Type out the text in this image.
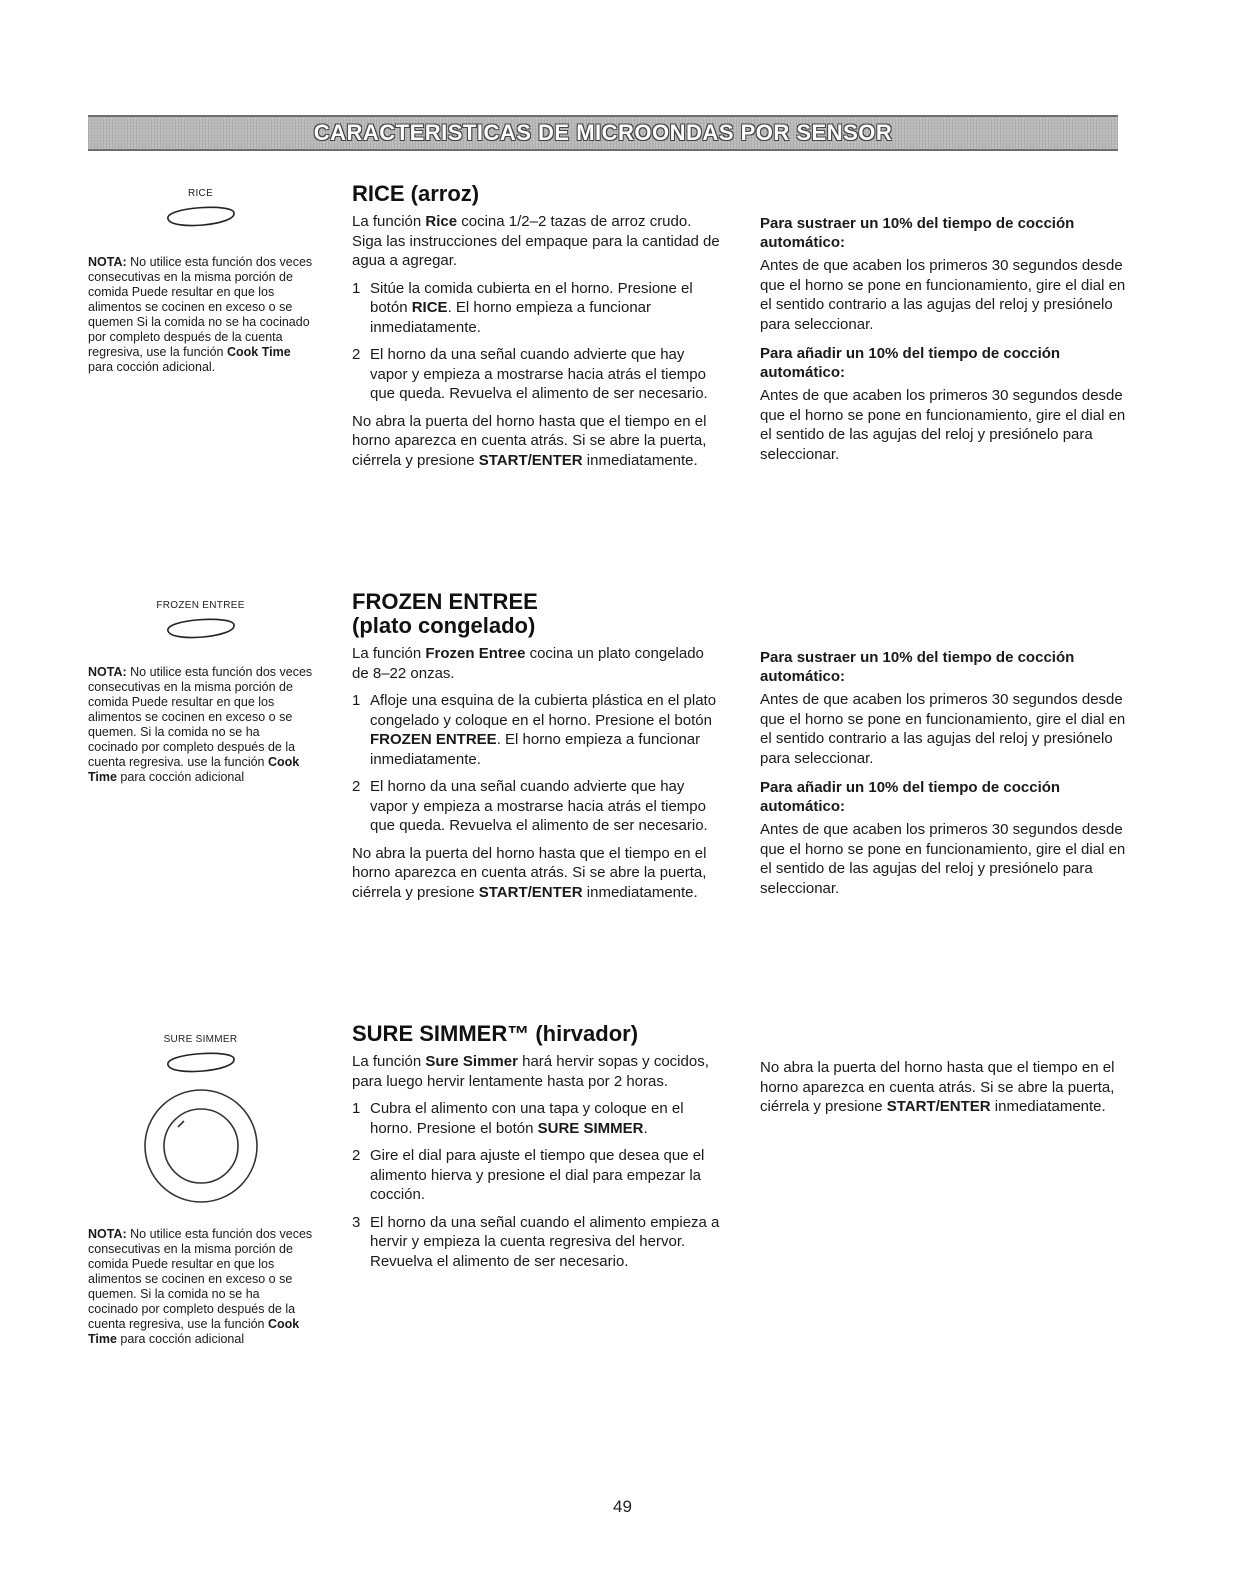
CARACTERISTICAS DE MICROONDAS POR SENSOR
RICE

NOTA: No utilice esta función dos veces consecutivas en la misma porción de comida Puede resultar en que los alimentos se cocinen en exceso o se quemen Si la comida no se ha cocinado por completo después de la cuenta regresiva, use la función Cook Time para cocción adicional.

RICE (arroz)

La función Rice cocina 1/2–2 tazas de arroz crudo. Siga las instrucciones del empaque para la cantidad de agua a agregar.

1 Sitúe la comida cubierta en el horno. Presione el botón RICE. El horno empieza a funcionar inmediatamente.
2 El horno da una señal cuando advierte que hay vapor y empieza a mostrarse hacia atrás el tiempo que queda. Revuelva el alimento de ser necesario.

No abra la puerta del horno hasta que el tiempo en el horno aparezca en cuenta atrás. Si se abre la puerta, ciérrela y presione START/ENTER inmediatamente.

Para sustraer un 10% del tiempo de cocción automático:

Antes de que acaben los primeros 30 segundos desde que el horno se pone en funcionamiento, gire el dial en el sentido contrario a las agujas del reloj y presiónelo para seleccionar.

Para añadir un 10% del tiempo de cocción automático:

Antes de que acaben los primeros 30 segundos desde que el horno se pone en funcionamiento, gire el dial en el sentido de las agujas del reloj y presiónelo para seleccionar.

FROZEN ENTREE

NOTA: No utilice esta función dos veces consecutivas en la misma porción de comida Puede resultar en que los alimentos se cocinen en exceso o se quemen. Si la comida no se ha cocinado por completo después de la cuenta regresiva. use la función Cook Time para cocción adicional

FROZEN ENTREE
(plato congelado)

La función Frozen Entree cocina un plato congelado de 8–22 onzas.

1 Afloje una esquina de la cubierta plástica en el plato congelado y coloque en el horno. Presione el botón FROZEN ENTREE. El horno empieza a funcionar inmediatamente.
2 El horno da una señal cuando advierte que hay vapor y empieza a mostrarse hacia atrás el tiempo que queda. Revuelva el alimento de ser necesario.

No abra la puerta del horno hasta que el tiempo en el horno aparezca en cuenta atrás. Si se abre la puerta, ciérrela y presione START/ENTER inmediatamente.

Para sustraer un 10% del tiempo de cocción automático:

Antes de que acaben los primeros 30 segundos desde que el horno se pone en funcionamiento, gire el dial en el sentido contrario a las agujas del reloj y presiónelo para seleccionar.

Para añadir un 10% del tiempo de cocción automático:

Antes de que acaben los primeros 30 segundos desde que el horno se pone en funcionamiento, gire el dial en el sentido de las agujas del reloj y presiónelo para seleccionar.

SURE SIMMER

NOTA: No utilice esta función dos veces consecutivas en la misma porción de comida Puede resultar en que los alimentos se cocinen en exceso o se quemen. Si la comida no se ha cocinado por completo después de la cuenta regresiva, use la función Cook Time para cocción adicional

SURE SIMMER™ (hirvador)

La función Sure Simmer hará hervir sopas y cocidos, para luego hervir lentamente hasta por 2 horas.

1 Cubra el alimento con una tapa y coloque en el horno. Presione el botón SURE SIMMER.
2 Gire el dial para ajuste el tiempo que desea que el alimento hierva y presione el dial para empezar la cocción.
3 El horno da una señal cuando el alimento empieza a hervir y empieza la cuenta regresiva del hervor. Revuelva el alimento de ser necesario.

No abra la puerta del horno hasta que el tiempo en el horno aparezca en cuenta atrás. Si se abre la puerta, ciérrela y presione START/ENTER inmediatamente.

49
